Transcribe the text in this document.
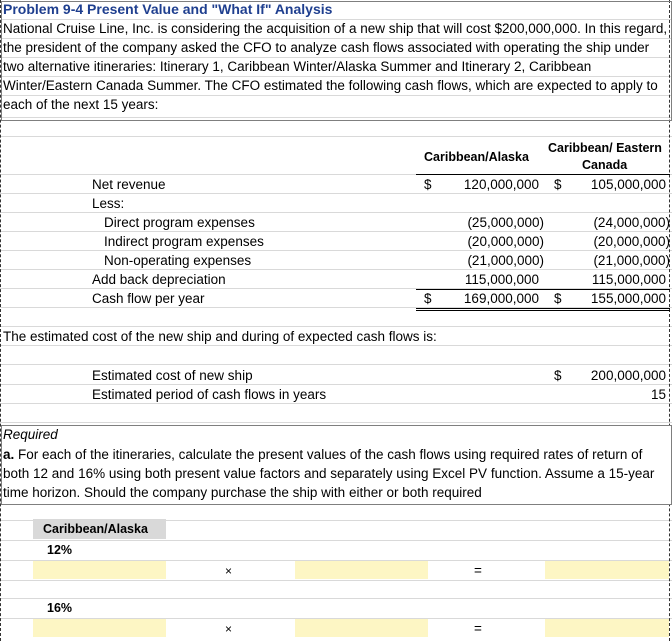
Problem 9-4 Present Value and "What If" Analysis
National Cruise Line, Inc. is considering the acquisition of a new ship that will cost $200,000,000. In this regard, the president of the company asked the CFO to analyze cash flows associated with operating the ship under two alternative itineraries: Itinerary 1, Caribbean Winter/Alaska Summer and Itinerary 2, Caribbean Winter/Eastern Canada Summer. The CFO estimated the following cash flows, which are expected to apply to each of the next 15 years:
Caribbean/Alaska
Caribbean/ Eastern
Canada
Net revenue	$	120,000,000 $	105,000,000
Less:
Direct program expenses	(25,000,000)	(24,000,000)
Indirect program expenses	(20,000,000)	(20,000,000)
Non-operating expenses	(21,000,000)	(21,000,000)
Add back depreciation	115,000,000	115,000,000
Cash flow per year	$	169,000,000 $	155,000,000
The estimated cost of the new ship and during of expected cash flows is:
Estimated cost of new ship	$	200,000,000
Estimated period of cash flows in years	15
Required
a. For each of the itineraries, calculate the present values of the cash flows using required rates of return of both 12 and 16% using both present value factors and separately using Excel PV function. Assume a 15-year time horizon. Should the company purchase the ship with either or both required
Caribbean/Alaska
12%
×	=
16%
×	=
